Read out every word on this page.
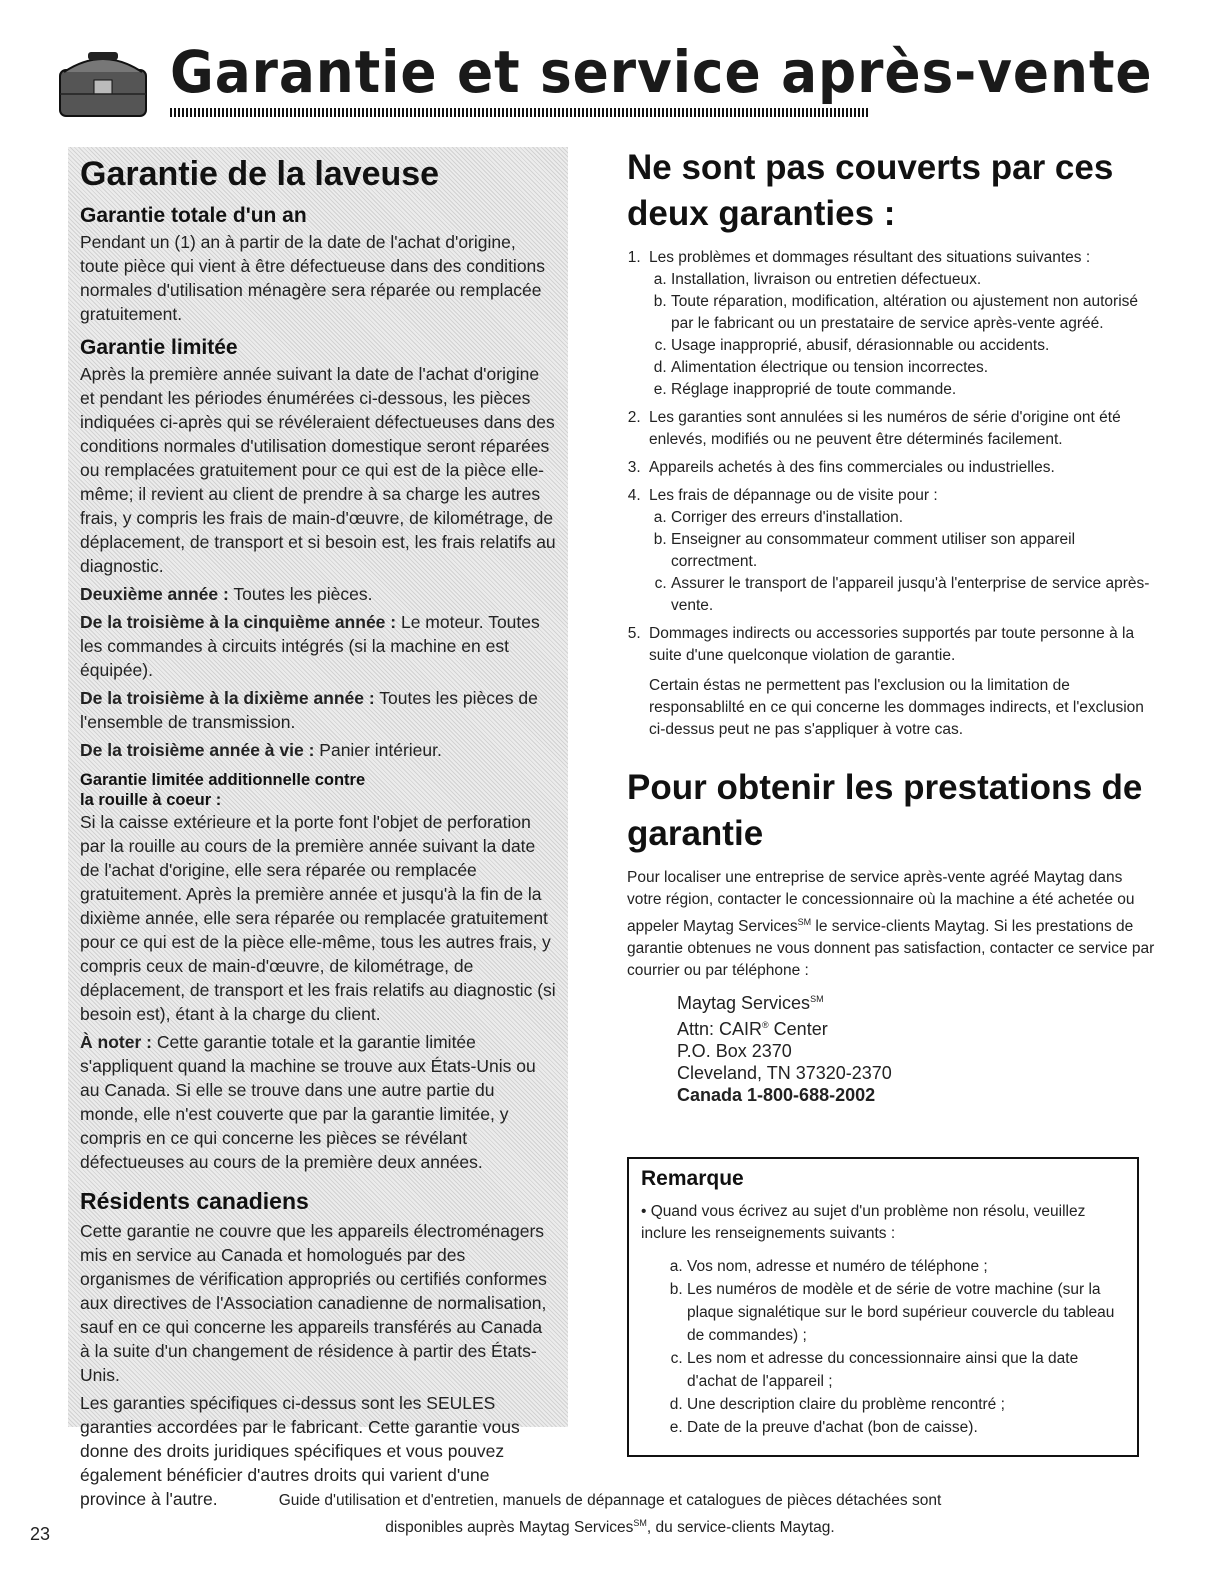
Garantie et service après-vente
Garantie de la laveuse
Garantie totale d'un an

Pendant un (1) an à partir de la date de l'achat d'origine, toute pièce qui vient à être défectueuse dans des conditions normales d'utilisation ménagère sera réparée ou remplacée gratuitement.

Garantie limitée

Après la première année suivant la date de l'achat d'origine et pendant les périodes énumérées ci-dessous, les pièces indiquées ci-après qui se révéleraient défectueuses dans des conditions normales d'utilisation domestique seront réparées ou remplacées gratuitement pour ce qui est de la pièce elle-même; il revient au client de prendre à sa charge les autres frais, y compris les frais de main-d'œuvre, de kilométrage, de déplacement, de transport et si besoin est, les frais relatifs au diagnostic.

Deuxième année : Toutes les pièces.

De la troisième à la cinquième année : Le moteur. Toutes les commandes à circuits intégrés (si la machine en est équipée).

De la troisième à la dixième année : Toutes les pièces de l'ensemble de transmission.

De la troisième année à vie : Panier intérieur.

Garantie limitée additionnelle contre
la rouille à coeur :

Si la caisse extérieure et la porte font l'objet de perforation par la rouille au cours de la première année suivant la date de l'achat d'origine, elle sera réparée ou remplacée gratuitement. Après la première année et jusqu'à la fin de la dixième année, elle sera réparée ou remplacée gratuitement pour ce qui est de la pièce elle-même, tous les autres frais, y compris ceux de main-d'œuvre, de kilométrage, de déplacement, de transport et les frais relatifs au diagnostic (si besoin est), étant à la charge du client.

À noter : Cette garantie totale et la garantie limitée s'appliquent quand la machine se trouve aux États-Unis ou au Canada. Si elle se trouve dans une autre partie du monde, elle n'est couverte que par la garantie limitée, y compris en ce qui concerne les pièces se révélant défectueuses au cours de la première deux années.

Résidents canadiens

Cette garantie ne couvre que les appareils électroménagers mis en service au Canada et homologués par des organismes de vérification appropriés ou certifiés conformes aux directives de l'Association canadienne de normalisation, sauf en ce qui concerne les appareils transférés au Canada à la suite d'un changement de résidence à partir des États-Unis.

Les garanties spécifiques ci-dessus sont les SEULES garanties accordées par le fabricant. Cette garantie vous donne des droits juridiques spécifiques et vous pouvez également bénéficier d'autres droits qui varient d'une province à l'autre.

Ne sont pas couverts par ces deux garanties :
1. Les problèmes et dommages résultant des situations suivantes :
a. Installation, livraison ou entretien défectueux.
b. Toute réparation, modification, altération ou ajustement non autorisé par le fabricant ou un prestataire de service après-vente agréé.
c. Usage inapproprié, abusif, dérasionnable ou accidents.
d. Alimentation électrique ou tension incorrectes.
e. Réglage inapproprié de toute commande.
2. Les garanties sont annulées si les numéros de série d'origine ont été enlevés, modifiés ou ne peuvent être déterminés facilement.
3. Appareils achetés à des fins commerciales ou industrielles.
4. Les frais de dépannage ou de visite pour :
a. Corriger des erreurs d'installation.
b. Enseigner au consommateur comment utiliser son appareil correctment.
c. Assurer le transport de l'appareil jusqu'à l'enterprise de service après-vente.
5. Dommages indirects ou accessories supportés par toute personne à la suite d'une quelconque violation de garantie.

Certain éstas ne permettent pas l'exclusion ou la limitation de responsablilté en ce qui concerne les dommages indirects, et l'exclusion ci-dessus peut ne pas s'appliquer à votre cas.

Pour obtenir les prestations de garantie

Pour localiser une entreprise de service après-vente agréé Maytag dans votre région, contacter le concessionnaire où la machine a été achetée ou appeler Maytag Services℠ le service-clients Maytag. Si les prestations de garantie obtenues ne vous donnent pas satisfaction, contacter ce service par courrier ou par téléphone :

Maytag Services℠
Attn: CAIR® Center
P.O. Box 2370
Cleveland, TN 37320-2370
Canada 1-800-688-2002
Remarque

• Quand vous écrivez au sujet d'un problème non résolu, veuillez inclure les renseignements suivants :

a. Vos nom, adresse et numéro de téléphone ;
b. Les numéros de modèle et de série de votre machine (sur la plaque signalétique sur le bord supérieur couvercle du tableau de commandes) ;
c. Les nom et adresse du concessionnaire ainsi que la date d'achat de l'appareil ;
d. Une description claire du problème rencontré ;
e. Date de la preuve d'achat (bon de caisse).
Guide d'utilisation et d'entretien, manuels de dépannage et catalogues de pièces détachées sont
disponibles auprès Maytag Services℠, du service-clients Maytag.
23
